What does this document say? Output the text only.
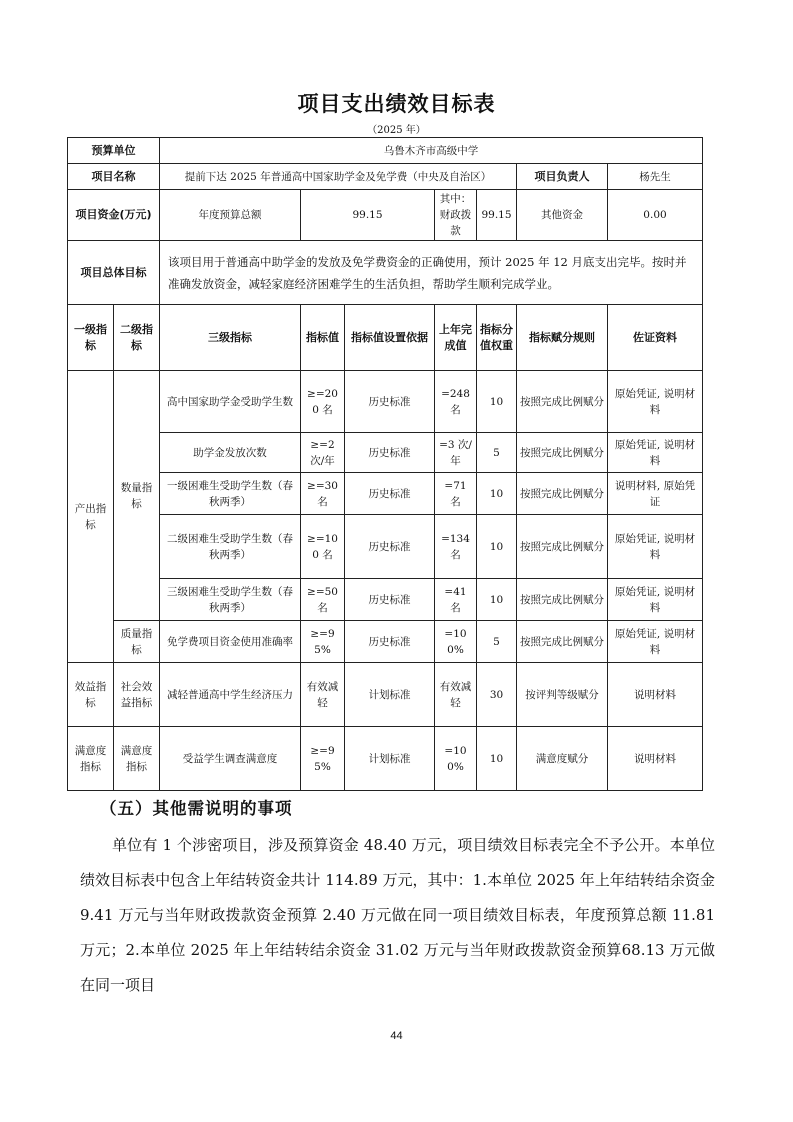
项目支出绩效目标表
（2025 年）
预算单位		乌鲁木齐市高级中学						
项目名称		提前下达 2025 年普通高中国家助学金及免学费（中央及自治区）					项目负责人	杨先生
项目资金(万元)		年度预算总额	99.15		其中：财政拨款	99.15	其他资金	0.00
项目总体目标		该项目用于普通高中助学金的发放及免学费资金的正确使用，预计 2025 年 12 月底支出完毕。按时并准确发放资金，减轻家庭经济困难学生的生活负担，帮助学生顺利完成学业。						
一级指标	二级指标	三级指标	指标值	指标值设置依据	上年完成值	指标分值权重	指标赋分规则	佐证资料
产出指标	数量指标	高中国家助学金受助学生数	≥=200 名	历史标准	=248 名	10	按照完成比例赋分	原始凭证, 说明材料
		助学金发放次数	≥=2 次/年	历史标准	=3 次/年	5	按照完成比例赋分	原始凭证, 说明材料
		一级困难生受助学生数（春秋两季）	≥=30 名	历史标准	=71 名	10	按照完成比例赋分	说明材料, 原始凭证
		二级困难生受助学生数（春秋两季）	≥=100 名	历史标准	=134 名	10	按照完成比例赋分	原始凭证, 说明材料
		三级困难生受助学生数（春秋两季）	≥=50 名	历史标准	=41 名	10	按照完成比例赋分	原始凭证, 说明材料
	质量指标	免学费项目资金使用准确率	≥=95%	历史标准	=100%	5	按照完成比例赋分	原始凭证, 说明材料
效益指标	社会效益指标	减轻普通高中学生经济压力	有效减轻	计划标准	有效减轻	30	按评判等级赋分	说明材料
满意度指标	满意度指标	受益学生调查满意度	≥=95%	计划标准	=100%	10	满意度赋分	说明材料
（五）其他需说明的事项
单位有 1 个涉密项目，涉及预算资金 48.40 万元，项目绩效目标表完全不予公开。本单位绩效目标表中包含上年结转资金共计 114.89 万元，其中：1.本单位 2025 年上年结转结余资金 9.41 万元与当年财政拨款资金预算 2.40 万元做在同一项目绩效目标表，年度预算总额 11.81 万元；2.本单位 2025 年上年结转结余资金 31.02 万元与当年财政拨款资金预算68.13 万元做在同一项目
44
